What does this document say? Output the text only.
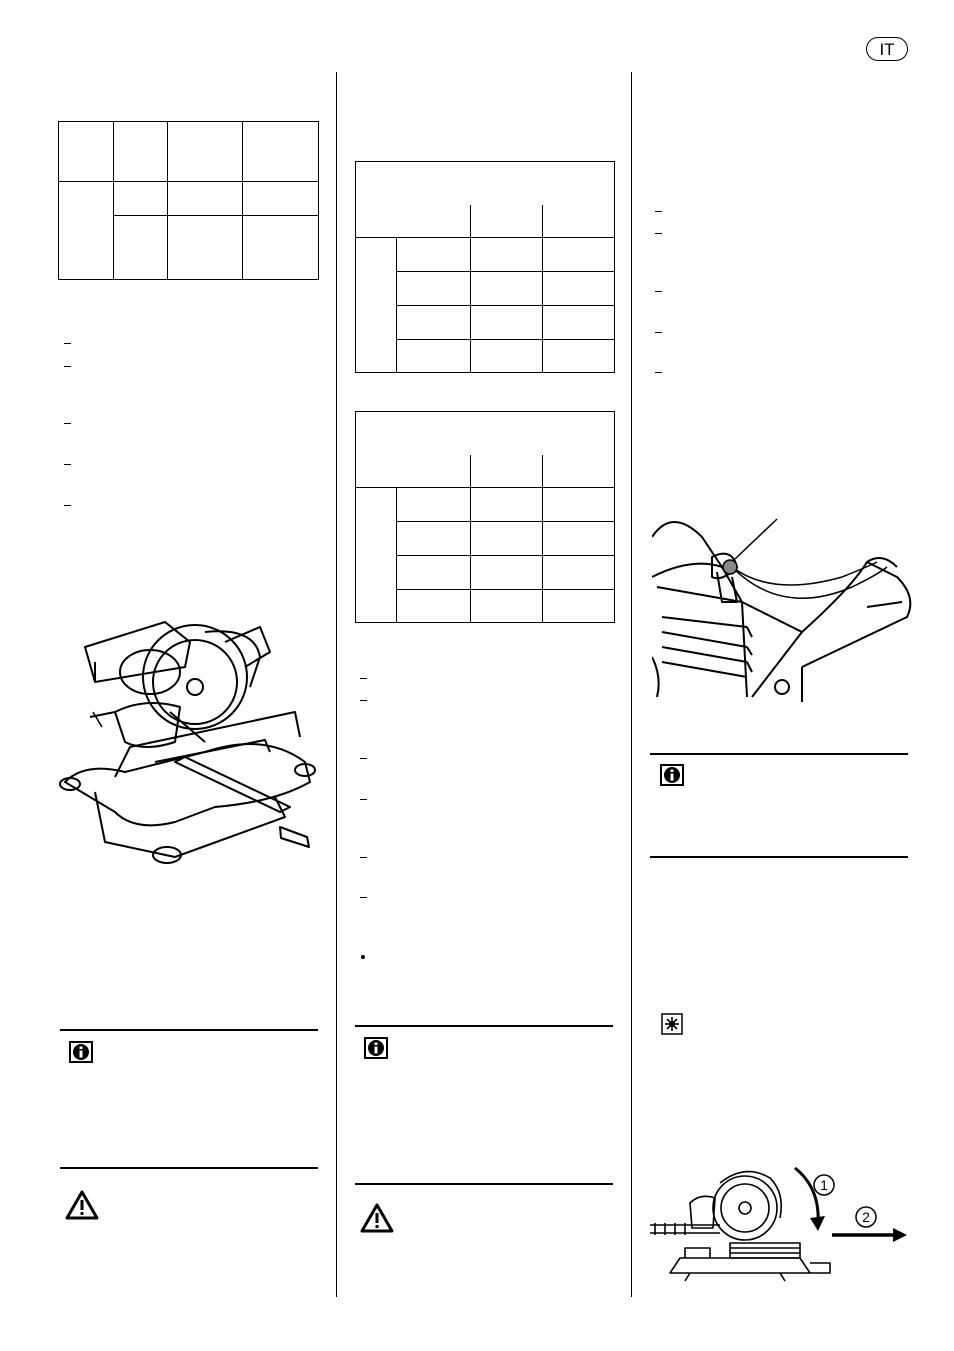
IT

1
2
